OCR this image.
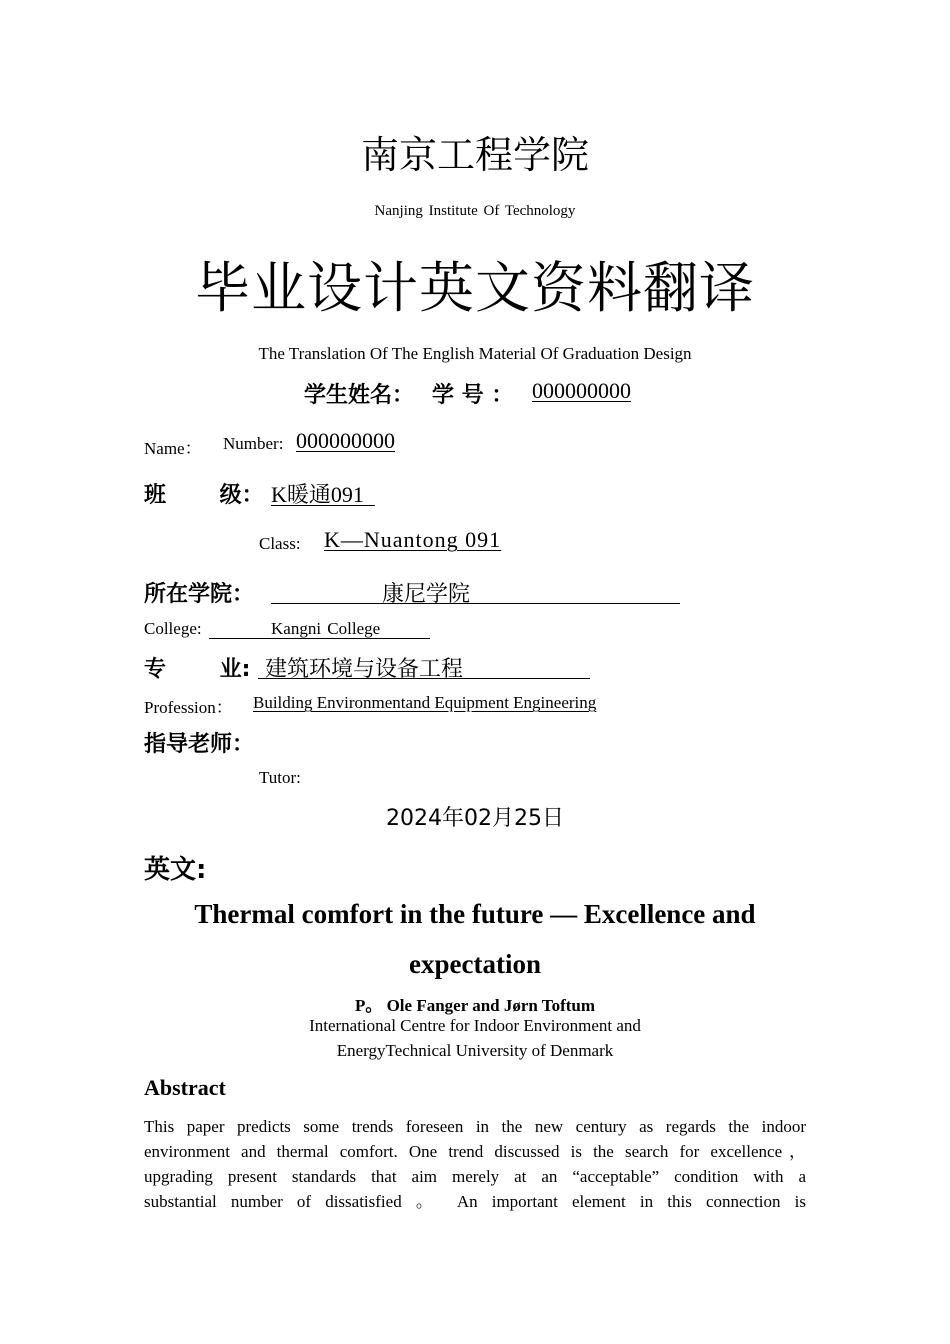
南京工程学院
Nanjing Institute Of Technology
毕业设计英文资料翻译
The Translation Of The English Material Of Graduation Design
学生姓名： 学 号 ： 000000000
Name： Number: 000000000
班       级： K暖通091
Class: K—Nuantong 091
所在学院：	康尼学院
College:	Kangni College
专       业: 建筑环境与设备工程
Profession： Building Environmentand Equipment Engineering
指导老师：
Tutor:
2024年02月25日
英文:
Thermal comfort in the future — Excellence and
expectation
P。 Ole Fanger and Jørn Toftum
International Centre for Indoor Environment and
EnergyTechnical University of Denmark
Abstract
This paper predicts some trends foreseen in the new century as regards the indoor
environment and thermal comfort. One trend discussed is the search for excellence，
upgrading present standards that aim merely at an “acceptable” condition with a
substantial number of dissatisfied 。 An important element in this connection is
